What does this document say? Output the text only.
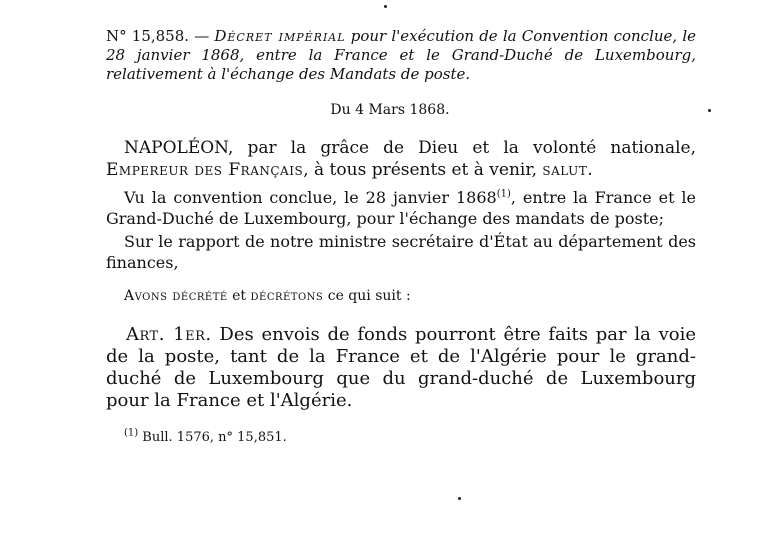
N° 15,858. — Décret impérial pour l'exécution de la Convention conclue, le 28 janvier 1868, entre la France et le Grand-Duché de Luxembourg, relativement à l'échange des Mandats de poste.
Du 4 Mars 1868.
NAPOLÉON, par la grâce de Dieu et la volonté nationale, Empereur des Français, à tous présents et à venir, salut.
Vu la convention conclue, le 28 janvier 1868$^{(1)}$, entre la France et le Grand-Duché de Luxembourg, pour l'échange des mandats de poste;
Sur le rapport de notre ministre secrétaire d'État au département des finances,
Avons décrété et décrétons ce qui suit :
Art. 1er. Des envois de fonds pourront être faits par la voie de la poste, tant de la France et de l'Algérie pour le grand-duché de Luxembourg que du grand-duché de Luxembourg pour la France et l'Algérie.
$^{(1)}$ Bull. 1576, n° 15,851.
